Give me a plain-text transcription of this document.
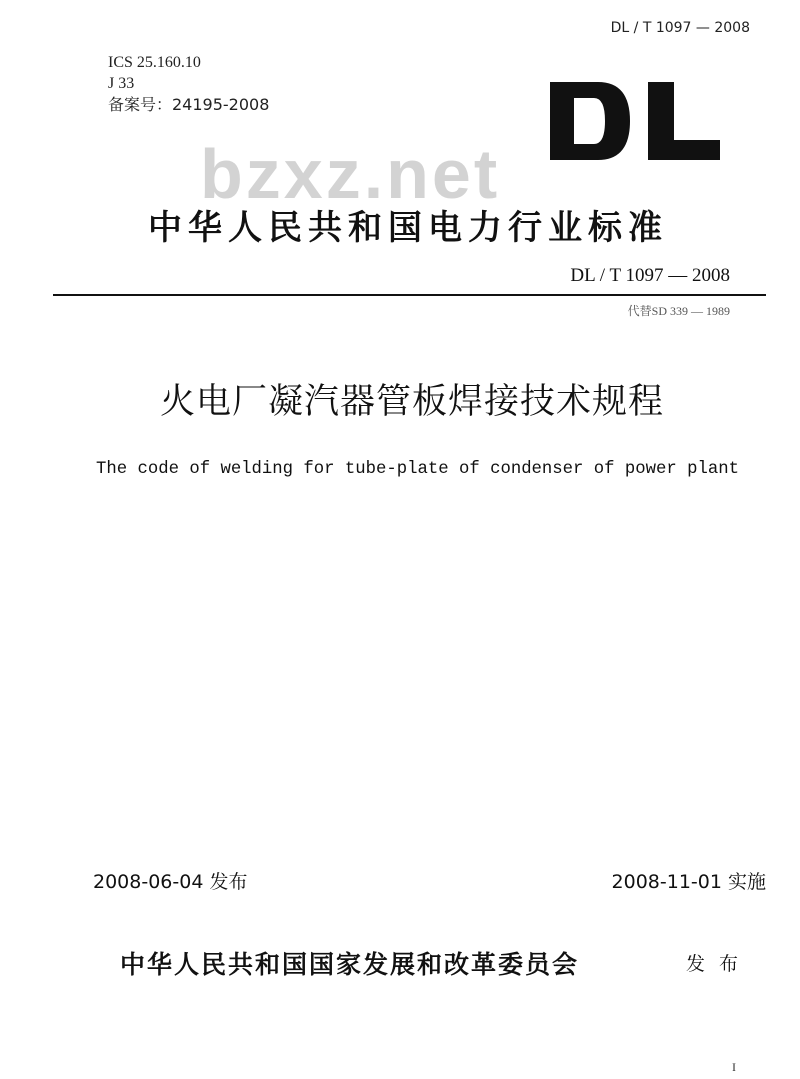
DL / T 1097 — 2008
ICS 25.160.10
J 33
备案号：24195-2008
bzxz.net
中华人民共和国电力行业标准
DL / T 1097 — 2008
代替SD 339 — 1989
火电厂凝汽器管板焊接技术规程
The code of welding for tube-plate of condenser of power plant
2008-06-04 发布	2008-11-01 实施
中华人民共和国国家发展和改革委员会	发布
I
